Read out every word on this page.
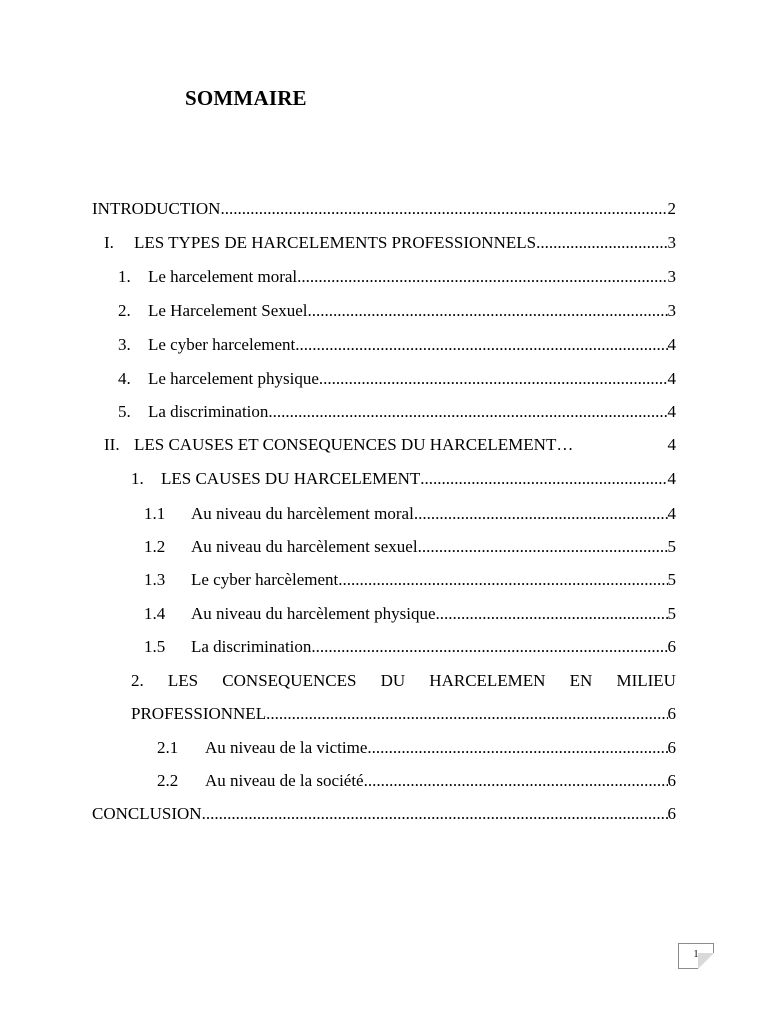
SOMMAIRE
INTRODUCTION .....	2
I.	LES TYPES DE HARCELEMENTS PROFESSIONNELS .....	3
1.	Le harcelement moral .....	3
2.	Le Harcelement Sexuel .....	3
3.	Le cyber harcelement .....	4
4.	Le harcelement physique .....	4
5.	La discrimination .....	4
II. LES CAUSES ET CONSEQUENCES DU HARCELEMENT …	4
1.	LES CAUSES DU HARCELEMENT .....	4
1.1	Au niveau du harcèlement moral .....	4
1.2	Au niveau du harcèlement sexuel .....	5
1.3	Le cyber harcèlement .....	5
1.4	Au niveau du harcèlement physique .....	5
1.5	La discrimination .....	6
2. LES CONSEQUENCES DU HARCELEMEN EN MILIEU
PROFESSIONNEL .....	6
2.1	Au niveau de la victime .....	6
2.2	Au niveau de la société .....	6
CONCLUSION .....	6
1
